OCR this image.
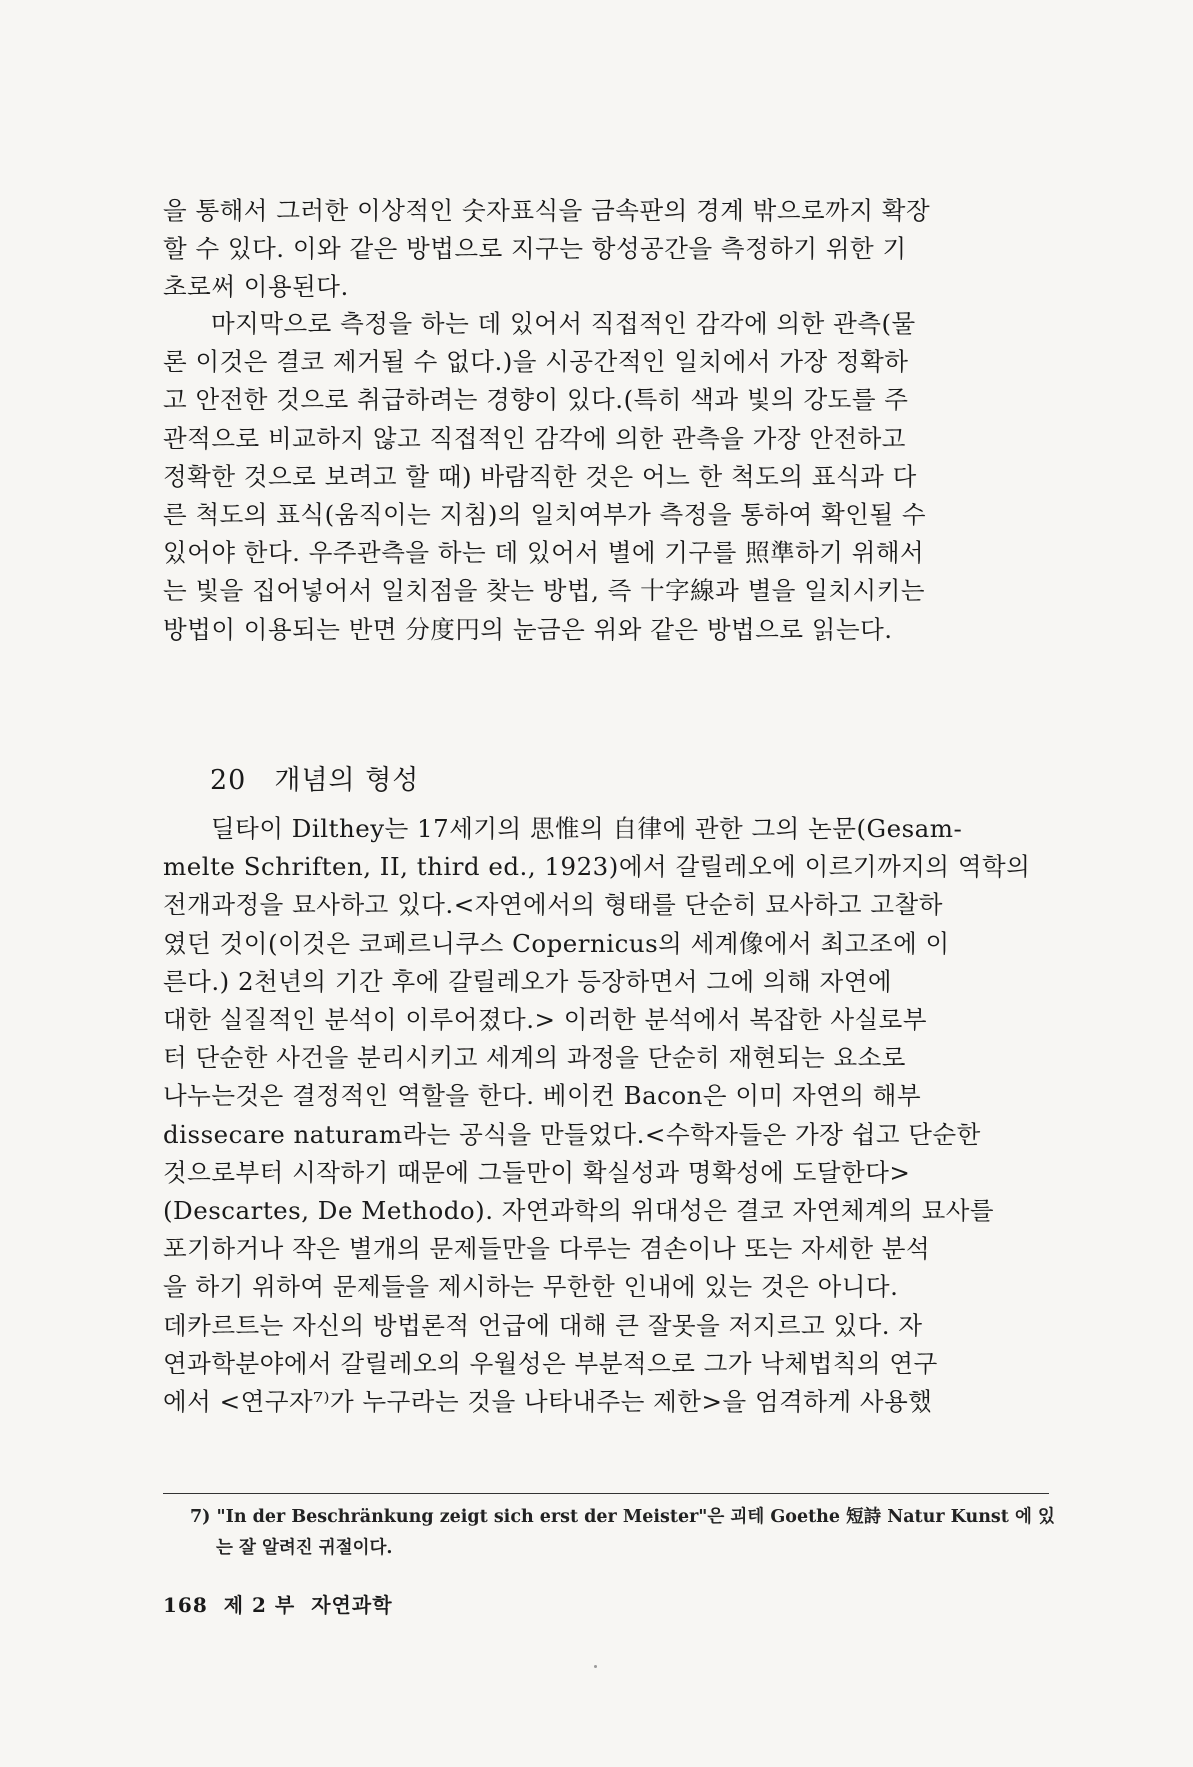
을 통해서 그러한 이상적인 숫자표식을 금속판의 경계 밖으로까지 확장
할 수 있다. 이와 같은 방법으로 지구는 항성공간을 측정하기 위한 기
초로써 이용된다.

마지막으로 측정을 하는 데 있어서 직접적인 감각에 의한 관측(물
론 이것은 결코 제거될 수 없다.)을 시공간적인 일치에서 가장 정확하
고 안전한 것으로 취급하려는 경향이 있다.(특히 색과 빛의 강도를 주
관적으로 비교하지 않고 직접적인 감각에 의한 관측을 가장 안전하고
정확한 것으로 보려고 할 때) 바람직한 것은 어느 한 척도의 표식과 다
른 척도의 표식(움직이는 지침)의 일치여부가 측정을 통하여 확인될 수
있어야 한다. 우주관측을 하는 데 있어서 별에 기구를 照準하기 위해서
는 빛을 집어넣어서 일치점을 찾는 방법, 즉 十字線과 별을 일치시키는
방법이 이용되는 반면 分度円의 눈금은 위와 같은 방법으로 읽는다.

20 개념의 형성

딜타이 Dilthey는 17세기의 思惟의 自律에 관한 그의 논문(Gesam-
melte Schriften, II, third ed., 1923)에서 갈릴레오에 이르기까지의 역학의
전개과정을 묘사하고 있다.<자연에서의 형태를 단순히 묘사하고 고찰하
였던 것이(이것은 코페르니쿠스 Copernicus의 세계像에서 최고조에 이
른다.) 2천년의 기간 후에 갈릴레오가 등장하면서 그에 의해 자연에
대한 실질적인 분석이 이루어졌다.> 이러한 분석에서 복잡한 사실로부
터 단순한 사건을 분리시키고 세계의 과정을 단순히 재현되는 요소로
나누는것은 결정적인 역할을 한다. 베이컨 Bacon은 이미 자연의 해부
dissecare naturam라는 공식을 만들었다.<수학자들은 가장 쉽고 단순한
것으로부터 시작하기 때문에 그들만이 확실성과 명확성에 도달한다>
(Descartes, De Methodo). 자연과학의 위대성은 결코 자연체계의 묘사를
포기하거나 작은 별개의 문제들만을 다루는 겸손이나 또는 자세한 분석
을 하기 위하여 문제들을 제시하는 무한한 인내에 있는 것은 아니다.
데카르트는 자신의 방법론적 언급에 대해 큰 잘못을 저지르고 있다. 자
연과학분야에서 갈릴레오의 우월성은 부분적으로 그가 낙체법칙의 연구
에서 <연구자⁷⁾가 누구라는 것을 나타내주는 제한>을 엄격하게 사용했

7) "In der Beschränkung zeigt sich erst der Meister"은 괴테 Goethe 短詩 Natur Kunst 에 있
는 잘 알려진 귀절이다.

168 제 2 부 자연과학
